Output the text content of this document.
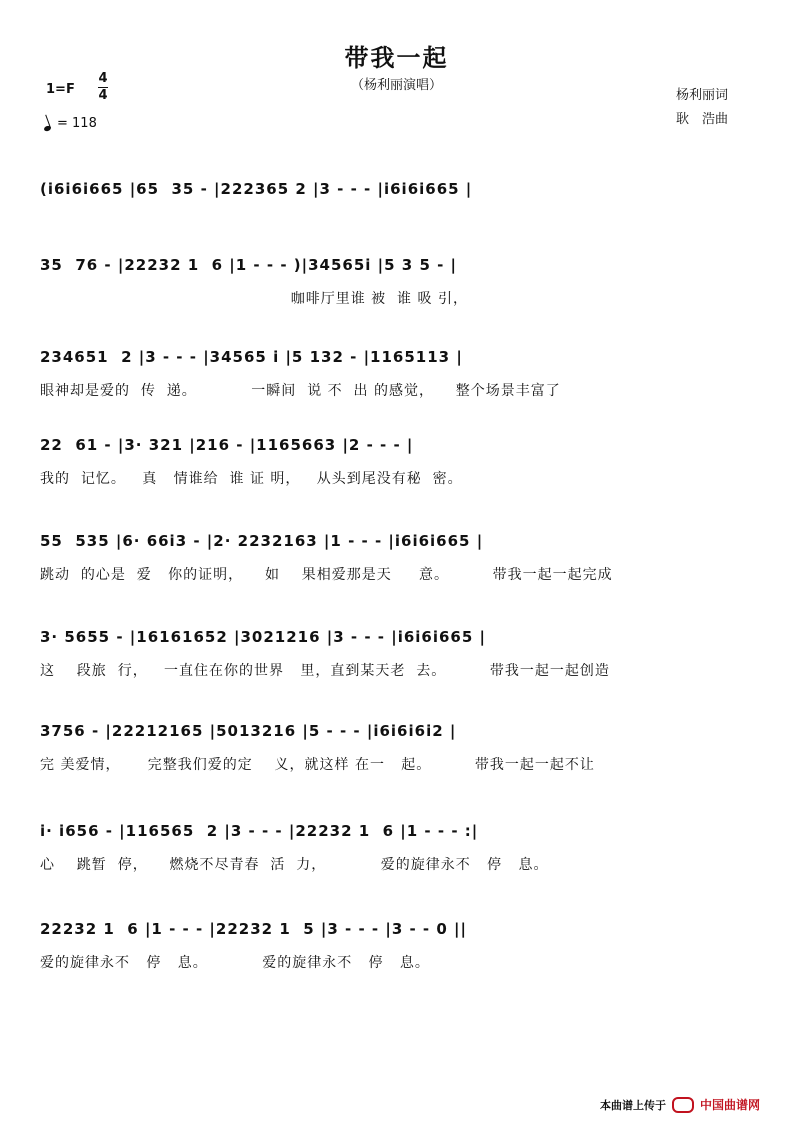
带我一起
（杨利丽演唱）
1=F
4
4
= 118
杨利丽词
耿　浩曲
(i6i6i665 |65  35 - |222365 2 |3 - - - |i6i6i665 |
35  76 - |22232 1  6 |1 - - - )|34565i |5 3 5 - |
咖啡厅里谁 被  谁 吸 引，
234651  2 |3 - - - |34565 i |5 132 - |1165113 |
眼神却是爱的  传  递。          一瞬间  说 不  出 的感觉，    整个场景丰富了
22  61 - |3· 321 |216 - |1165663 |2 - - - |
我的  记忆。   真   情谁给  谁 证 明，   从头到尾没有秘  密。
55  535 |6· 66i3 - |2· 2232163 |1 - - - |i6i6i665 |
跳动  的心是  爱   你的证明，    如    果相爱那是天     意。        带我一起一起完成
3· 5655 - |16161652 |3021216 |3 - - - |i6i6i665 |
这    段旅  行，   一直住在你的世界   里，直到某天老  去。        带我一起一起创造
3756 - |22212165 |5013216 |5 - - - |i6i6i6i2 |
完 美爱情，     完整我们爱的定    义，就这样 在一   起。        带我一起一起不让
i· i656 - |116565  2 |3 - - - |22232 1  6 |1 - - - :|
心    跳暂  停，    燃烧不尽青春  活  力，          爱的旋律永不   停   息。
22232 1  6 |1 - - - |22232 1  5 |3 - - - |3 - - 0 ||
爱的旋律永不   停   息。          爱的旋律永不   停   息。
本曲谱上传于	中国曲谱网
